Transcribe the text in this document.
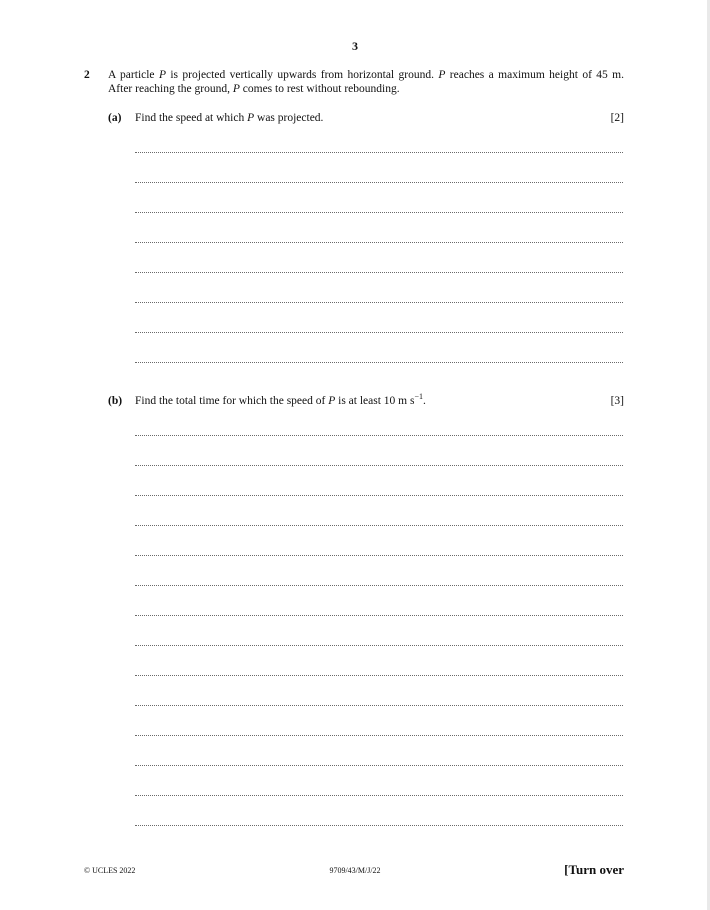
3
2 A particle P is projected vertically upwards from horizontal ground. P reaches a maximum height of 45 m. After reaching the ground, P comes to rest without rebounding.
(a) Find the speed at which P was projected.	[2]
(b) Find the total time for which the speed of P is at least 10 m $s^{-1}$.	[3]
© UCLES 2022	9709/43/M/J/22	[Turn over
